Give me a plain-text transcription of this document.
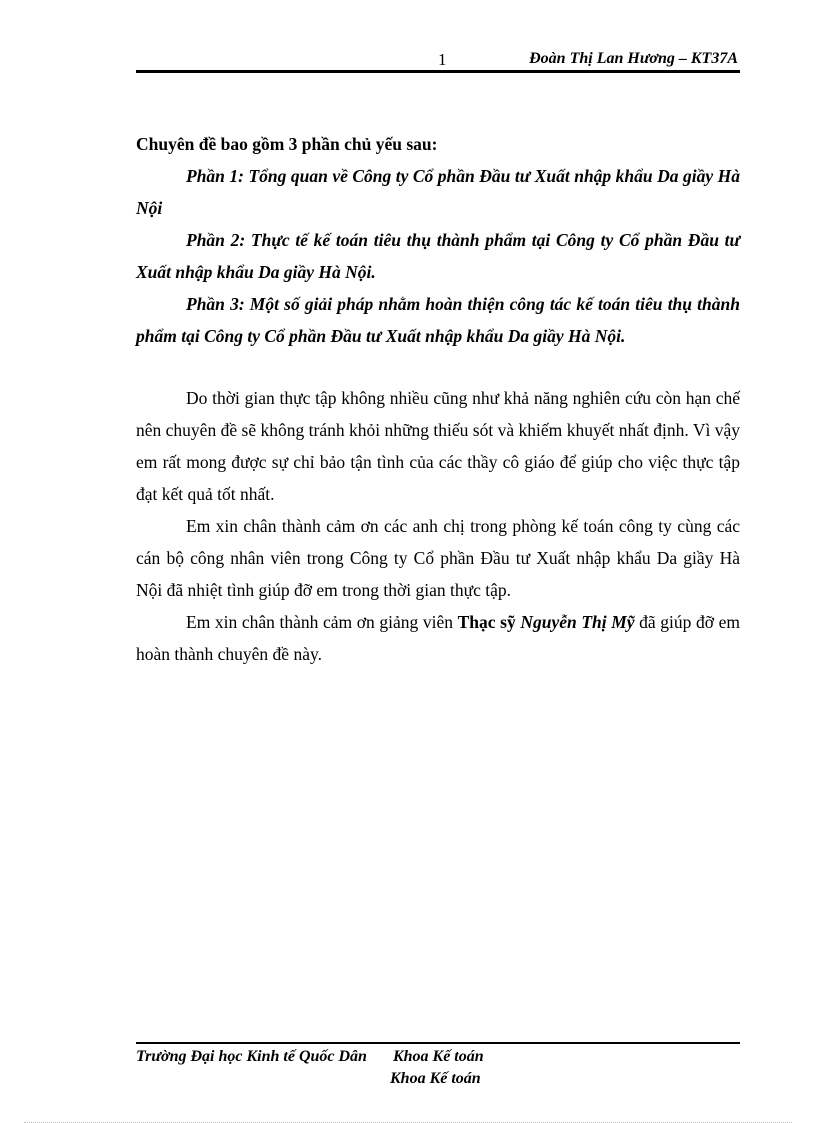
1	Đoàn Thị Lan Hương – KT37A

Chuyên đề bao gồm 3 phần chủ yếu sau:

Phần 1: Tổng quan về Công ty Cổ phần Đầu tư Xuất nhập khẩu Da giầy Hà Nội

Phần 2: Thực tế kế toán tiêu thụ thành phẩm tại Công ty Cổ phần Đầu tư Xuất nhập khẩu Da giầy Hà Nội.

Phần 3: Một số giải pháp nhằm hoàn thiện công tác kế toán tiêu thụ thành phẩm tại Công ty Cổ phần Đầu tư Xuất nhập khẩu Da giầy Hà Nội.

Do thời gian thực tập không nhiều cũng như khả năng nghiên cứu còn hạn chế nên chuyên đề sẽ không tránh khỏi những thiếu sót và khiếm khuyết nhất định. Vì vậy em rất mong được sự chỉ bảo tận tình của các thầy cô giáo để giúp cho việc thực tập đạt kết quả tốt nhất.

Em xin chân thành cảm ơn các anh chị trong phòng kế toán công ty cùng các cán bộ công nhân viên trong Công ty Cổ phần Đầu tư Xuất nhập khẩu Da giầy Hà Nội đã nhiệt tình giúp đỡ em trong thời gian thực tập.

Em xin chân thành cảm ơn giảng viên Thạc sỹ Nguyễn Thị Mỹ đã giúp đỡ em hoàn thành chuyên đề này.

Trường Đại học Kinh tế Quốc Dân Khoa Kế toán
Khoa Kế toán
